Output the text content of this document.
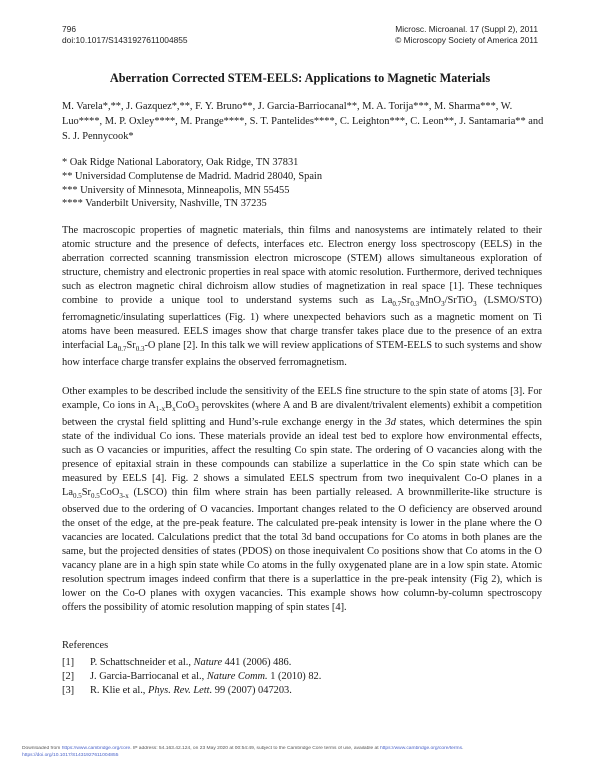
796
doi:10.1017/S1431927611004855
Microsc. Microanal. 17 (Suppl 2), 2011
© Microscopy Society of America 2011
Aberration Corrected STEM-EELS: Applications to Magnetic Materials
M. Varela*,**, J. Gazquez*,**, F. Y. Bruno**, J. Garcia-Barriocanal**, M. A. Torija***, M. Sharma***, W. Luo****, M. P. Oxley****, M. Prange****, S. T. Pantelides****, C. Leighton***, C. Leon**, J. Santamaria** and S. J. Pennycook*
* Oak Ridge National Laboratory, Oak Ridge, TN 37831
** Universidad Complutense de Madrid. Madrid 28040, Spain
*** University of Minnesota, Minneapolis, MN 55455
**** Vanderbilt University, Nashville, TN 37235
The macroscopic properties of magnetic materials, thin films and nanosystems are intimately related to their atomic structure and the presence of defects, interfaces etc. Electron energy loss spectroscopy (EELS) in the aberration corrected scanning transmission electron microscope (STEM) allows simultaneous exploration of structure, chemistry and electronic properties in real space with atomic resolution. Furthermore, derived techniques such as electron magnetic chiral dichroism allow studies of magnetization in real space [1]. These techniques combine to provide a unique tool to understand systems such as $La_{0.7}Sr_{0.3}MnO_3/SrTiO_3$ (LSMO/STO) ferromagnetic/insulating superlattices (Fig. 1) where unexpected behaviors such as a magnetic moment on Ti atoms have been measured. EELS images show that charge transfer takes place due to the presence of an extra interfacial $La_{0.7}Sr_{0.3}-O$ plane [2]. In this talk we will review applications of STEM-EELS to such systems and show how interface charge transfer explains the observed ferromagnetism.
Other examples to be described include the sensitivity of the EELS fine structure to the spin state of atoms [3]. For example, Co ions in $A_{1-x}B_xCoO_3$ perovskites (where A and B are divalent/trivalent elements) exhibit a competition between the crystal field splitting and Hund’s-rule exchange energy in the 3d states, which determines the spin state of the individual Co ions. These materials provide an ideal test bed to explore how environmental effects, such as O vacancies or impurities, affect the resulting Co spin state. The ordering of O vacancies along with the presence of epitaxial strain in these compounds can stabilize a superlattice in the Co spin state which can be measured by EELS [4]. Fig. 2 shows a simulated EELS spectrum from two inequivalent Co-O planes in a $La_{0.5}Sr_{0.5}CoO_{3-x}$ (LSCO) thin film where strain has been partially released. A brownmillerite-like structure is observed due to the ordering of O vacancies. Important changes related to the O deficiency are observed around the onset of the edge, at the pre-peak feature. The calculated pre-peak intensity is lower in the plane where the O vacancies are located. Calculations predict that the total 3d band occupations for Co atoms in both planes are the same, but the projected densities of states (PDOS) on those inequivalent Co positions show that Co atoms in the O vacancy plane are in a high spin state while Co atoms in the fully oxygenated plane are in a low spin state. Atomic resolution spectrum images indeed confirm that there is a superlattice in the pre-peak intensity (Fig 2), which is lower on the Co-O planes with oxygen vacancies. This example shows how column-by-column spectroscopy offers the possibility of atomic resolution mapping of spin states [4].
References
[1]	P. Schattschneider et al., Nature 441 (2006) 486.
[2]	J. Garcia-Barriocanal et al., Nature Comm. 1 (2010) 82.
[3]	R. Klie et al., Phys. Rev. Lett. 99 (2007) 047203.
Downloaded from https://www.cambridge.org/core. IP address: 54.163.42.124, on 23 May 2020 at 00:54:49, subject to the Cambridge Core terms of use, available at https://www.cambridge.org/core/terms.
https://doi.org/10.1017/S1431927611004855
